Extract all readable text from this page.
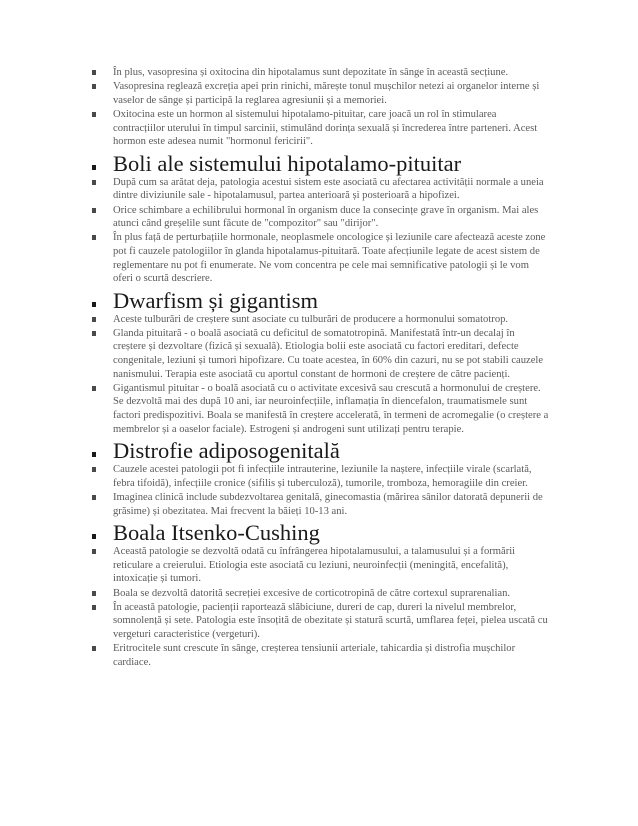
În plus, vasopresina și oxitocina din hipotalamus sunt depozitate în sânge în această secțiune.
Vasopresina reglează excreția apei prin rinichi, mărește tonul mușchilor netezi ai organelor interne și vaselor de sânge și participă la reglarea agresiunii și a memoriei.
Oxitocina este un hormon al sistemului hipotalamo-pituitar, care joacă un rol în stimularea contracțiilor uterului în timpul sarcinii, stimulând dorința sexuală și încrederea între parteneri. Acest hormon este adesea numit "hormonul fericirii".
Boli ale sistemului hipotalamo-pituitar
După cum sa arătat deja, patologia acestui sistem este asociată cu afectarea activității normale a uneia dintre diviziunile sale - hipotalamusul, partea anterioară și posterioară a hipofizei.
Orice schimbare a echilibrului hormonal în organism duce la consecințe grave în organism. Mai ales atunci când greșelile sunt făcute de "compozitor" sau "dirijor".
În plus față de perturbațiile hormonale, neoplasmele oncologice și leziunile care afectează aceste zone pot fi cauzele patologiilor în glanda hipotalamus-pituitară. Toate afecțiunile legate de acest sistem de reglementare nu pot fi enumerate. Ne vom concentra pe cele mai semnificative patologii și le vom oferi o scurtă descriere.
Dwarfism și gigantism
Aceste tulburări de creștere sunt asociate cu tulburări de producere a hormonului somatotrop.
Glanda pituitară - o boală asociată cu deficitul de somatotropină. Manifestată într-un decalaj în creștere și dezvoltare (fizică și sexuală). Etiologia bolii este asociată cu factori ereditari, defecte congenitale, leziuni și tumori hipofizare. Cu toate acestea, în 60% din cazuri, nu se pot stabili cauzele nanismului. Terapia este asociată cu aportul constant de hormoni de creștere de către pacienți.
Gigantismul pituitar - o boală asociată cu o activitate excesivă sau crescută a hormonului de creștere. Se dezvoltă mai des după 10 ani, iar neuroinfecțiile, inflamația în diencefalon, traumatismele sunt factori predispozitivi. Boala se manifestă în creștere accelerată, în termeni de acromegalie (o creștere a membrelor și a oaselor faciale). Estrogeni și androgeni sunt utilizați pentru terapie.
Distrofie adiposogenitală
Cauzele acestei patologii pot fi infecțiile intrauterine, leziunile la naștere, infecțiile virale (scarlată, febra tifoidă), infecțiile cronice (sifilis și tuberculoză), tumorile, tromboza, hemoragiile din creier.
Imaginea clinică include subdezvoltarea genitală, ginecomastia (mărirea sânilor datorată depunerii de grăsime) și obezitatea. Mai frecvent la băieți 10-13 ani.
Boala Itsenko-Cushing
Această patologie se dezvoltă odată cu înfrângerea hipotalamusului, a talamusului și a formării reticulare a creierului. Etiologia este asociată cu leziuni, neuroinfecții (meningită, encefalită), intoxicație și tumori.
Boala se dezvoltă datorită secreției excesive de corticotropină de către cortexul suprarenalian.
În această patologie, pacienții raportează slăbiciune, dureri de cap, dureri la nivelul membrelor, somnolență și sete. Patologia este însoțită de obezitate și statură scurtă, umflarea feței, pielea uscată cu vergeturi caracteristice (vergeturi).
Eritrocitele sunt crescute în sânge, creșterea tensiunii arteriale, tahicardia și distrofia mușchilor cardiace.
